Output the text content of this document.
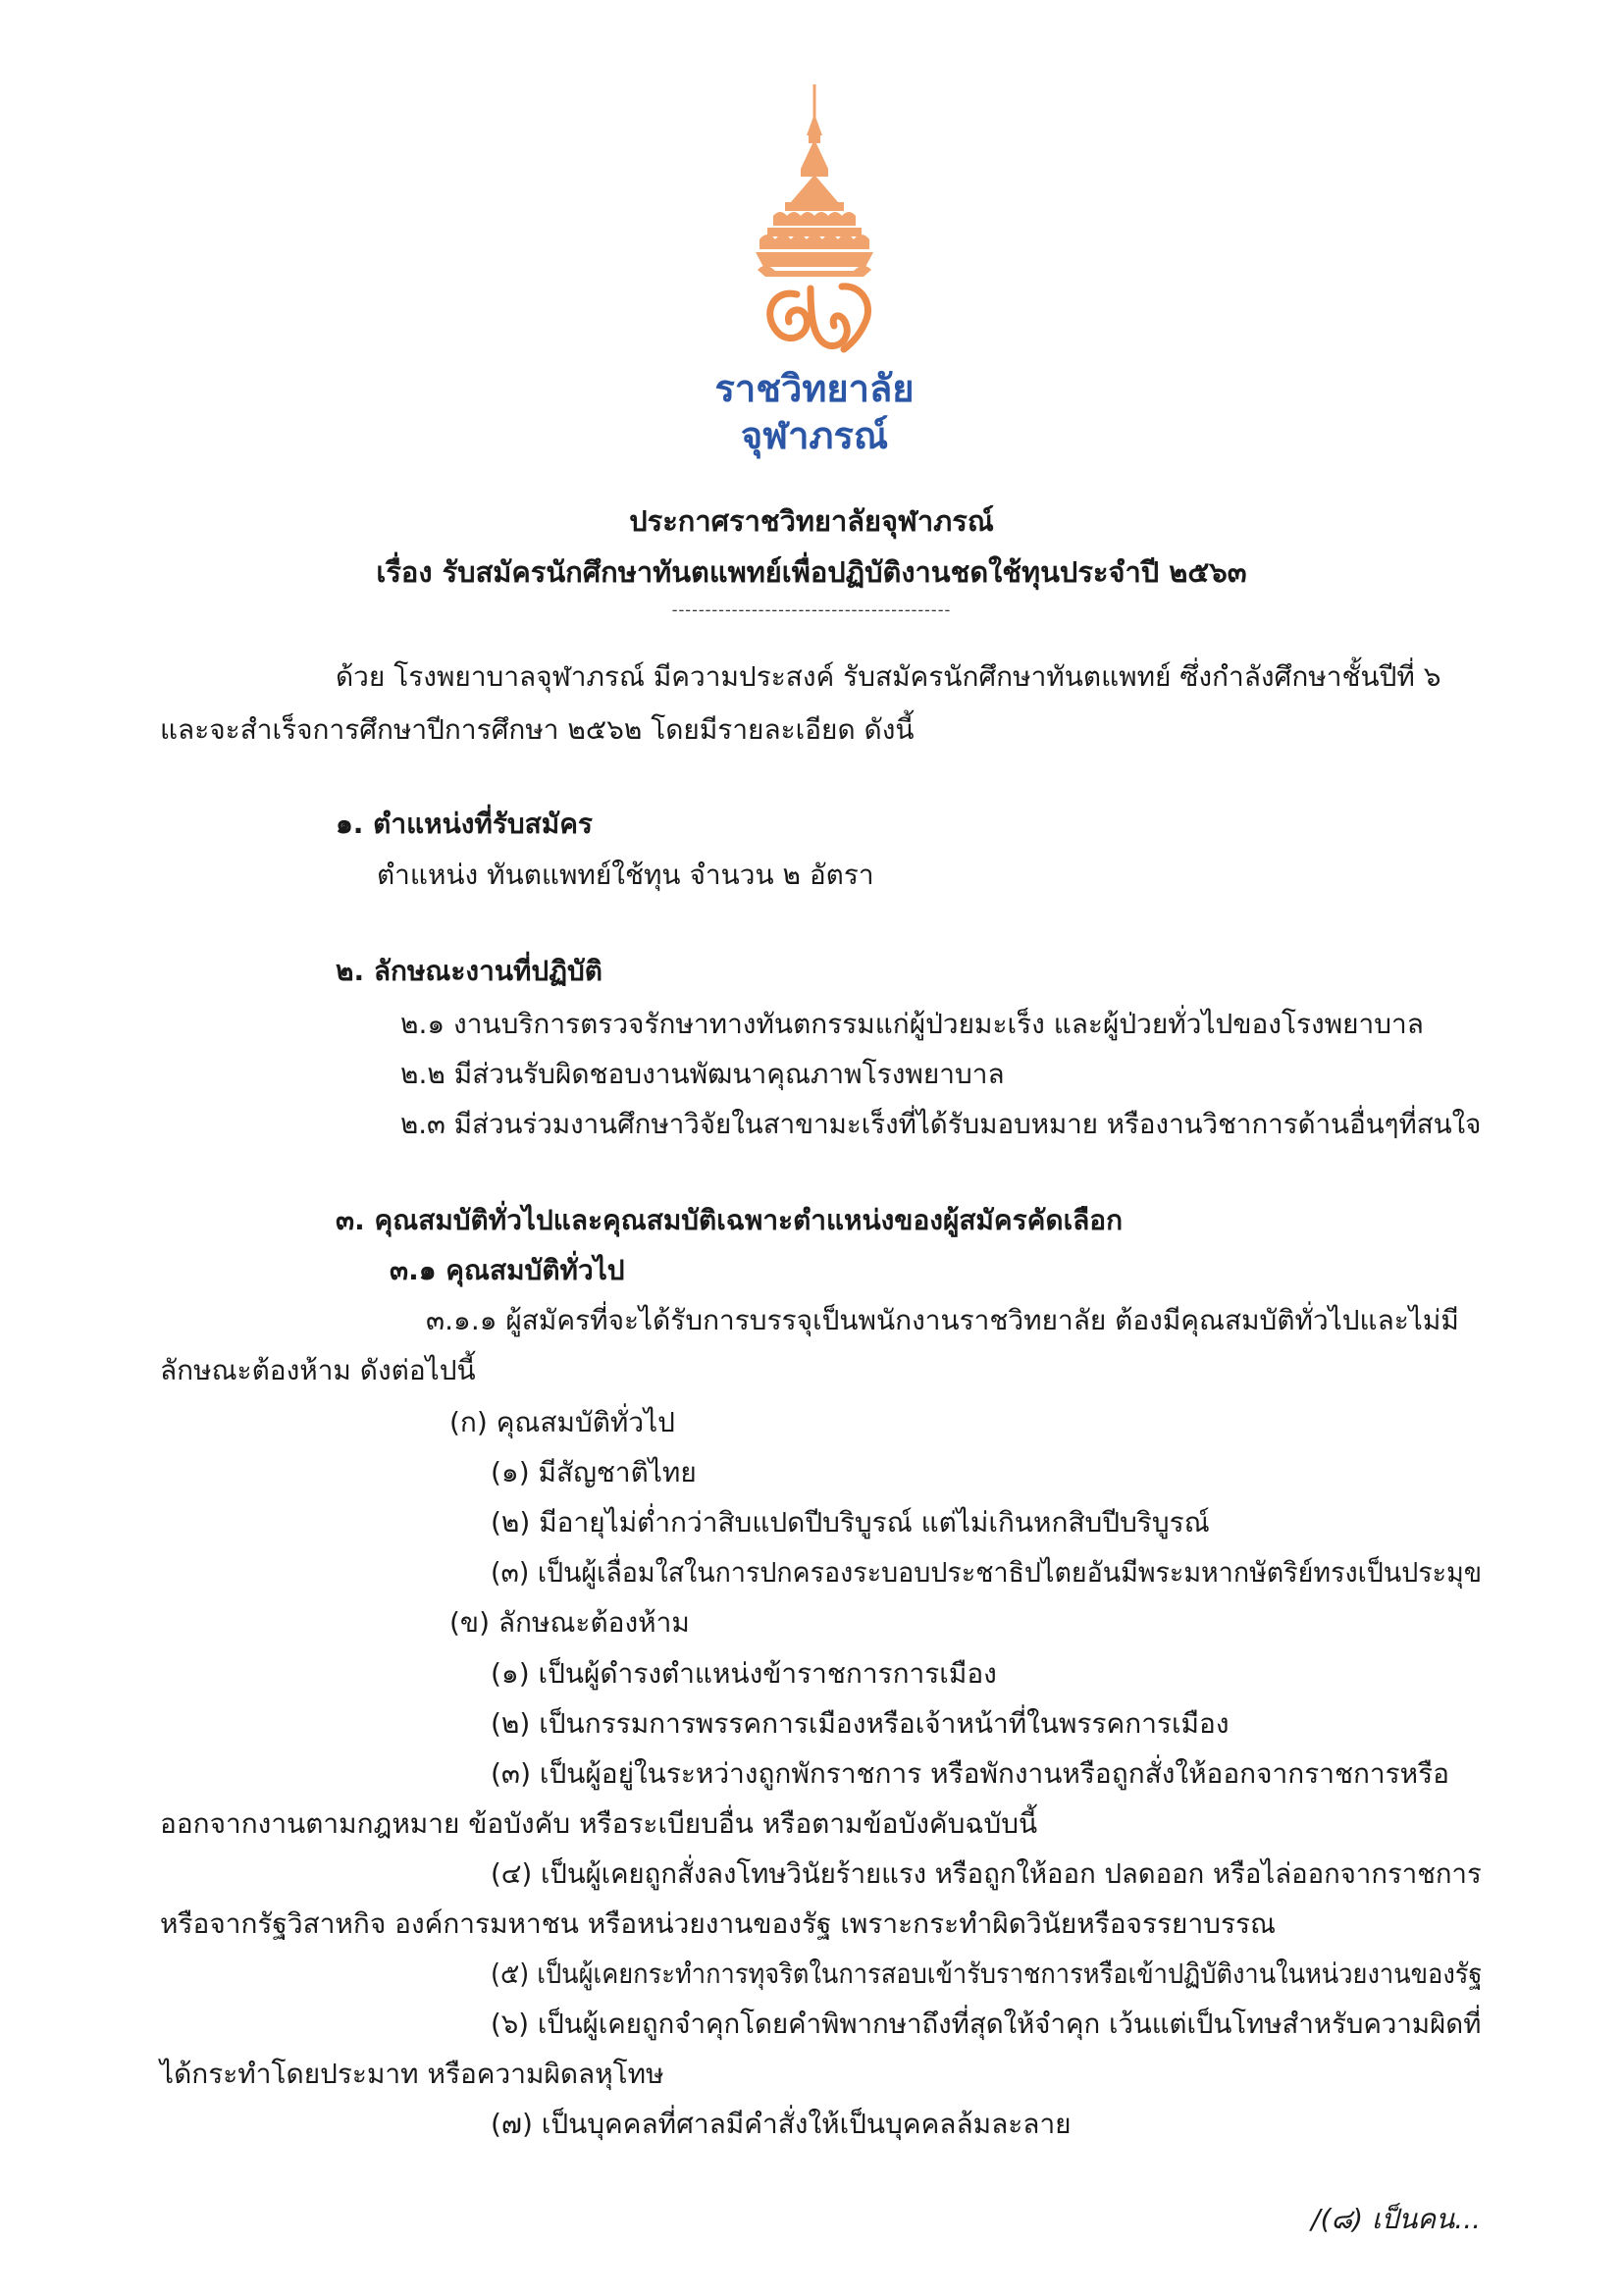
ราชวิทยาลัย
จุฬาภรณ์
ประกาศราชวิทยาลัยจุฬาภรณ์
เรื่อง รับสมัครนักศึกษาทันตแพทย์เพื่อปฏิบัติงานชดใช้ทุนประจำปี ๒๕๖๓
------------------------------------------
ด้วย โรงพยาบาลจุฬาภรณ์ มีความประสงค์ รับสมัครนักศึกษาทันตแพทย์ ซึ่งกำลังศึกษาชั้นปีที่ ๖
และจะสำเร็จการศึกษาปีการศึกษา ๒๕๖๒ โดยมีรายละเอียด ดังนี้
๑. ตำแหน่งที่รับสมัคร
ตำแหน่ง ทันตแพทย์ใช้ทุน จำนวน ๒ อัตรา
๒. ลักษณะงานที่ปฏิบัติ
๒.๑ งานบริการตรวจรักษาทางทันตกรรมแก่ผู้ป่วยมะเร็ง และผู้ป่วยทั่วไปของโรงพยาบาล
๒.๒ มีส่วนรับผิดชอบงานพัฒนาคุณภาพโรงพยาบาล
๒.๓ มีส่วนร่วมงานศึกษาวิจัยในสาขามะเร็งที่ได้รับมอบหมาย หรืองานวิชาการด้านอื่นๆที่สนใจ
๓. คุณสมบัติทั่วไปและคุณสมบัติเฉพาะตำแหน่งของผู้สมัครคัดเลือก
๓.๑ คุณสมบัติทั่วไป
๓.๑.๑ ผู้สมัครที่จะได้รับการบรรจุเป็นพนักงานราชวิทยาลัย ต้องมีคุณสมบัติทั่วไปและไม่มี
ลักษณะต้องห้าม ดังต่อไปนี้
(ก) คุณสมบัติทั่วไป
(๑) มีสัญชาติไทย
(๒) มีอายุไม่ต่ำกว่าสิบแปดปีบริบูรณ์ แต่ไม่เกินหกสิบปีบริบูรณ์
(๓) เป็นผู้เลื่อมใสในการปกครองระบอบประชาธิปไตยอันมีพระมหากษัตริย์ทรงเป็นประมุข
(ข) ลักษณะต้องห้าม
(๑) เป็นผู้ดำรงตำแหน่งข้าราชการการเมือง
(๒) เป็นกรรมการพรรคการเมืองหรือเจ้าหน้าที่ในพรรคการเมือง
(๓) เป็นผู้อยู่ในระหว่างถูกพักราชการ หรือพักงานหรือถูกสั่งให้ออกจากราชการหรือ
ออกจากงานตามกฎหมาย ข้อบังคับ หรือระเบียบอื่น หรือตามข้อบังคับฉบับนี้
(๔) เป็นผู้เคยถูกสั่งลงโทษวินัยร้ายแรง หรือถูกให้ออก ปลดออก หรือไล่ออกจากราชการ
หรือจากรัฐวิสาหกิจ องค์การมหาชน หรือหน่วยงานของรัฐ เพราะกระทำผิดวินัยหรือจรรยาบรรณ
(๕) เป็นผู้เคยกระทำการทุจริตในการสอบเข้ารับราชการหรือเข้าปฏิบัติงานในหน่วยงานของรัฐ
(๖) เป็นผู้เคยถูกจำคุกโดยคำพิพากษาถึงที่สุดให้จำคุก เว้นแต่เป็นโทษสำหรับความผิดที่
ได้กระทำโดยประมาท หรือความผิดลหุโทษ
(๗) เป็นบุคคลที่ศาลมีคำสั่งให้เป็นบุคคลล้มละลาย
/(๘) เป็นคน...
